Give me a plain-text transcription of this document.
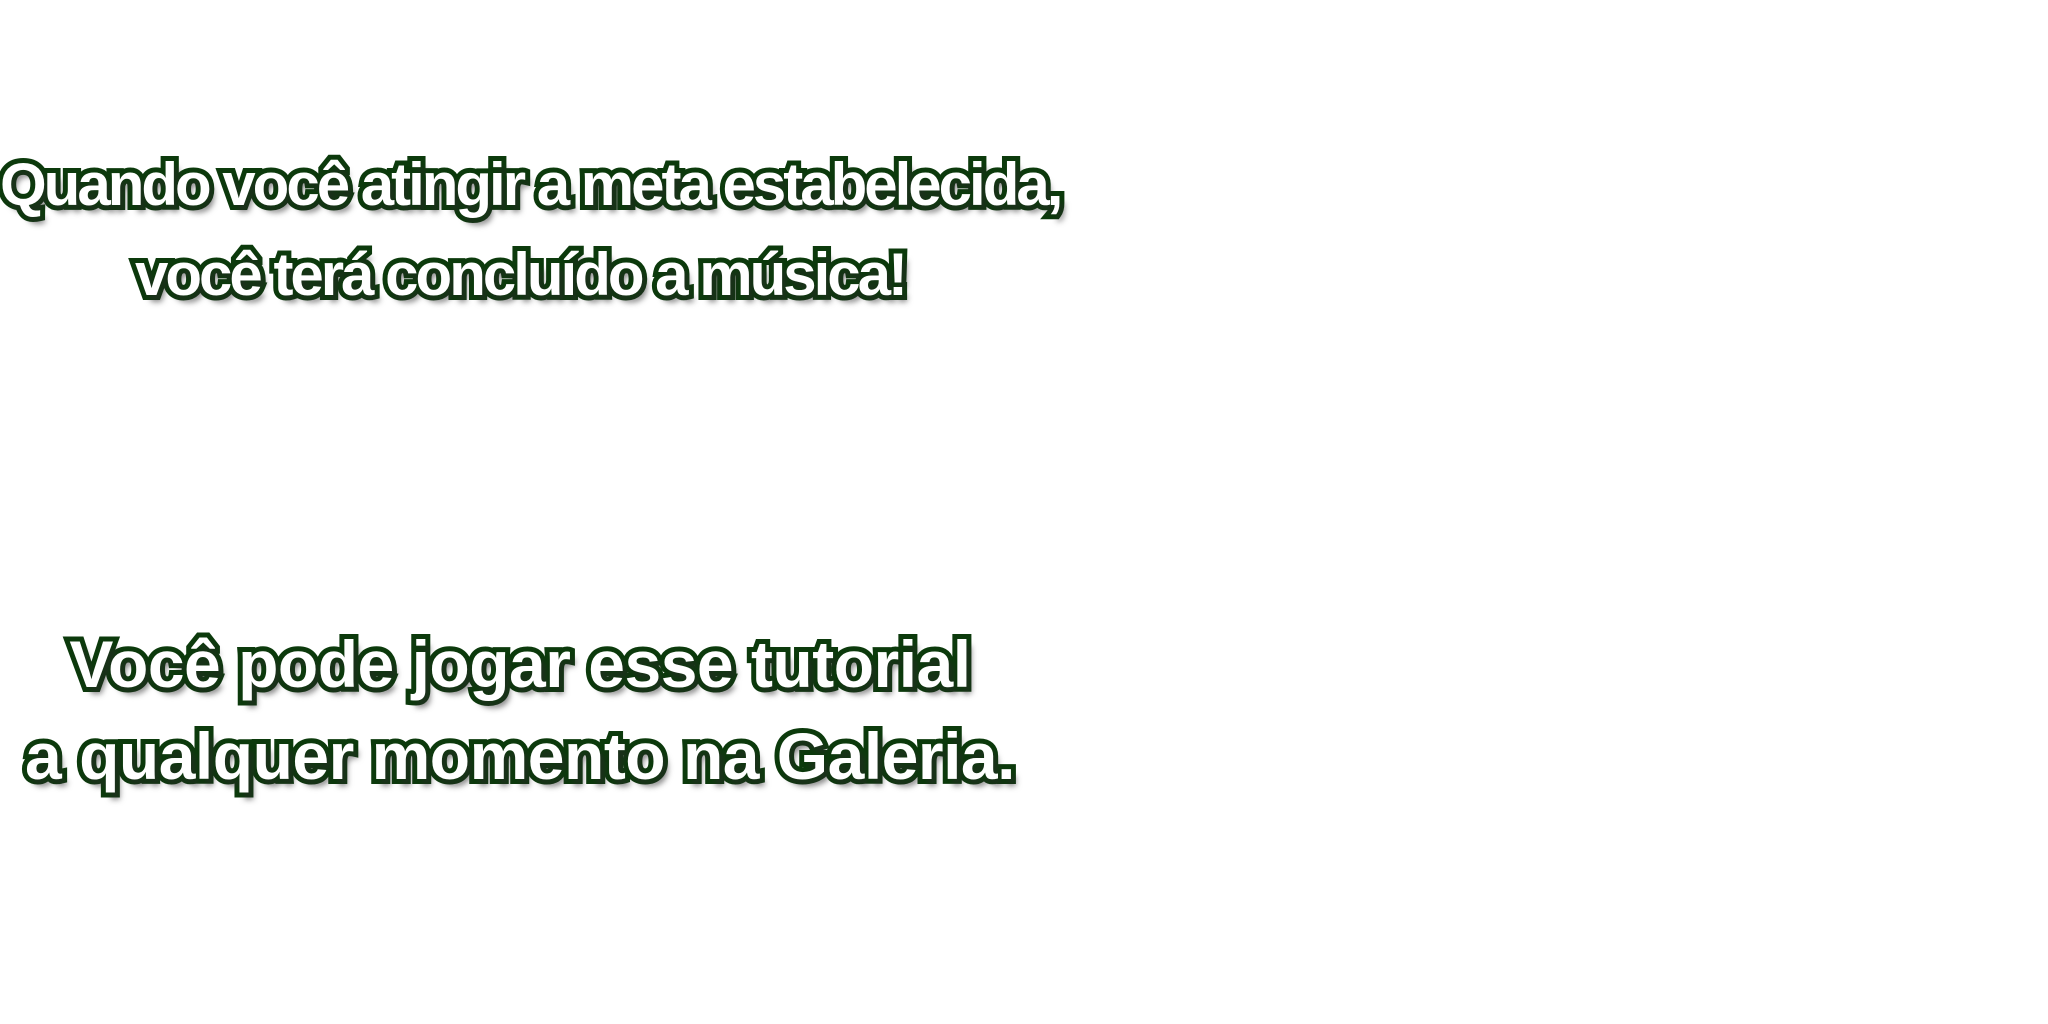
Quando você atingir a meta estabelecida,
você terá concluído a música!
Você pode jogar esse tutorial
a qualquer momento na Galeria.
